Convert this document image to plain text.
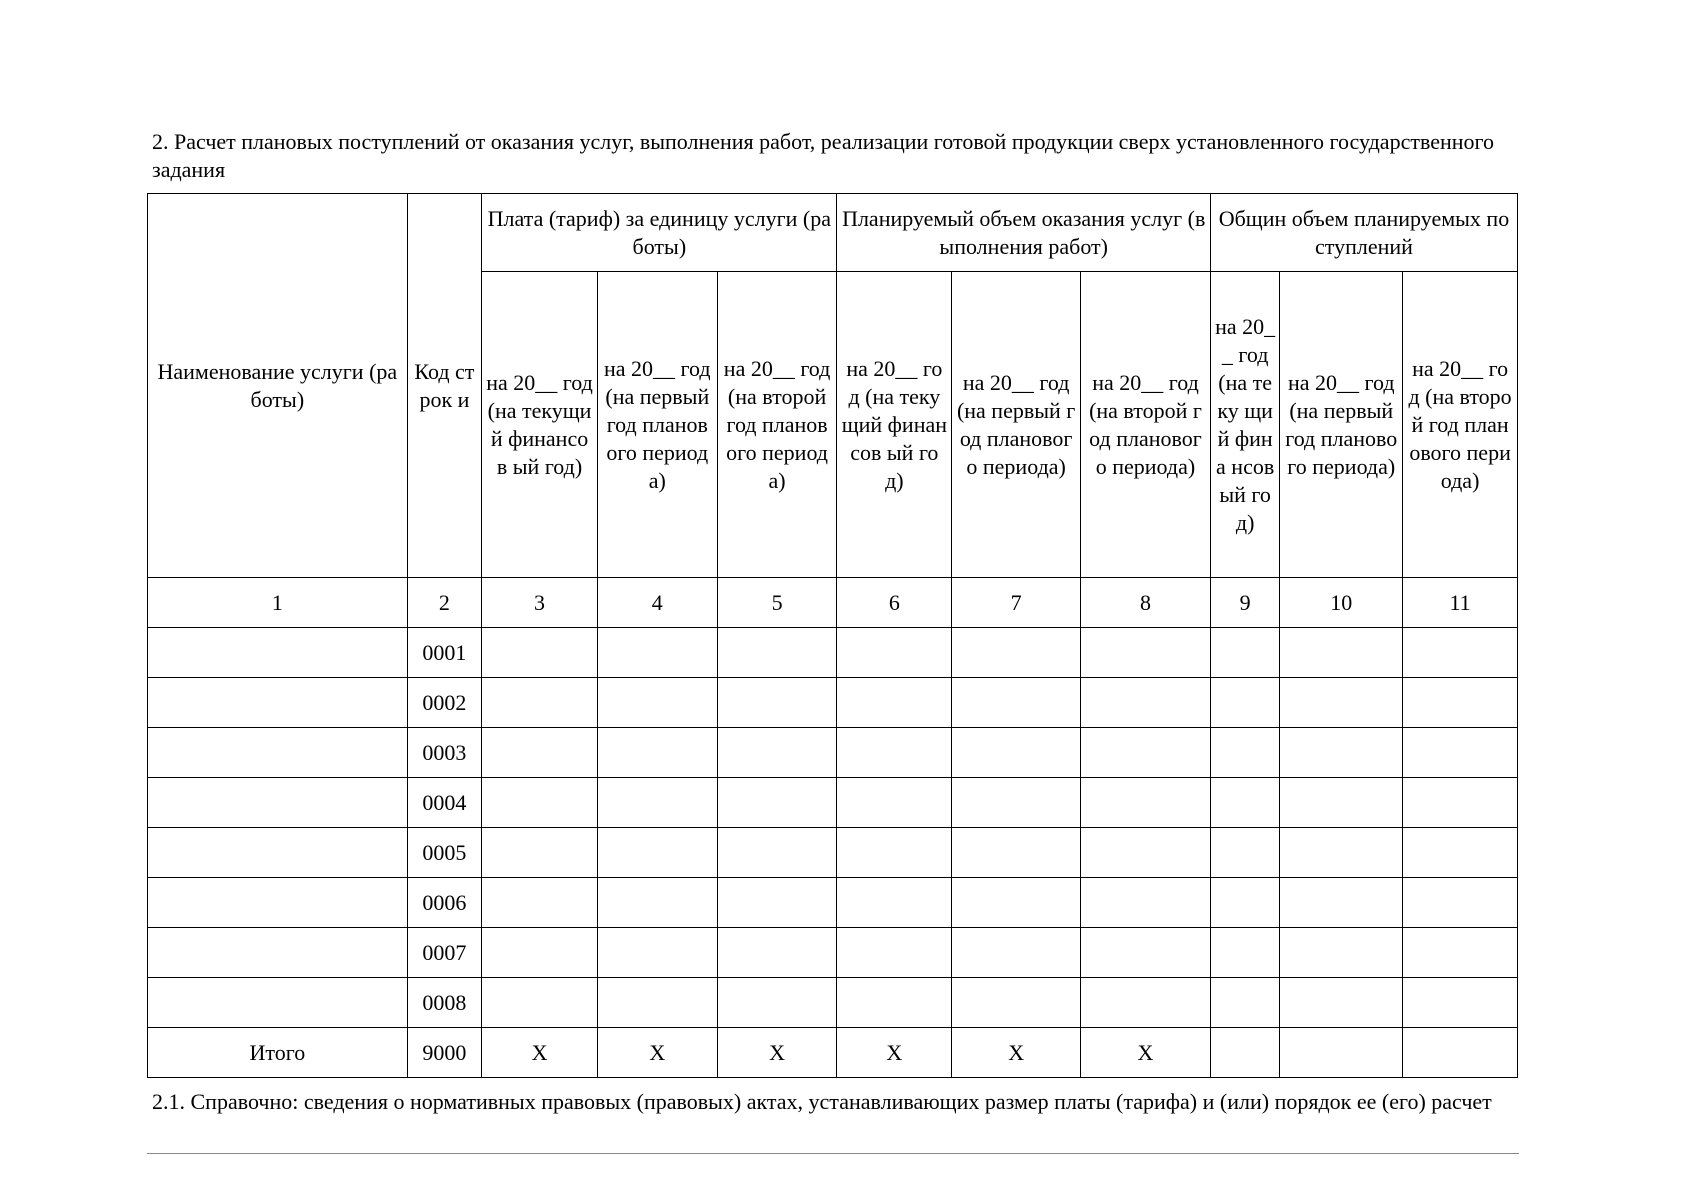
2. Расчет плановых поступлений от оказания услуг, выполнения работ, реализации готовой продукции сверх установленного государственного задания
Наименование услуги (работы)	Код строк и	Плата (тариф) за единицу услуги (работы)			Планируемый объем оказания услуг (выполнения работ)			Общин объем планируемых поступлений		
		на 20__ год (на текущий финансов ый год)	на 20__ год (на первый год планового периода)	на 20__ год (на второй год планового периода)	на 20__ год (на текущий финансов ый год)	на 20__ год (на первый год планового периода)	на 20__ год (на второй год планового периода)	на 20__ год (на теку щий фина нсов ый год)	на 20__ год (на первый год планового периода)	на 20__ год (на второй год планового периода)
1	2	3	4	5	6	7	8	9	10	11
	0001									
	0002									
	0003									
	0004									
	0005									
	0006									
	0007									
	0008									
Итого	9000	X	X	X	X	X	X			
2.1. Справочно: сведения о нормативных правовых (правовых) актах, устанавливающих размер платы (тарифа) и (или) порядок ее (его) расчет
